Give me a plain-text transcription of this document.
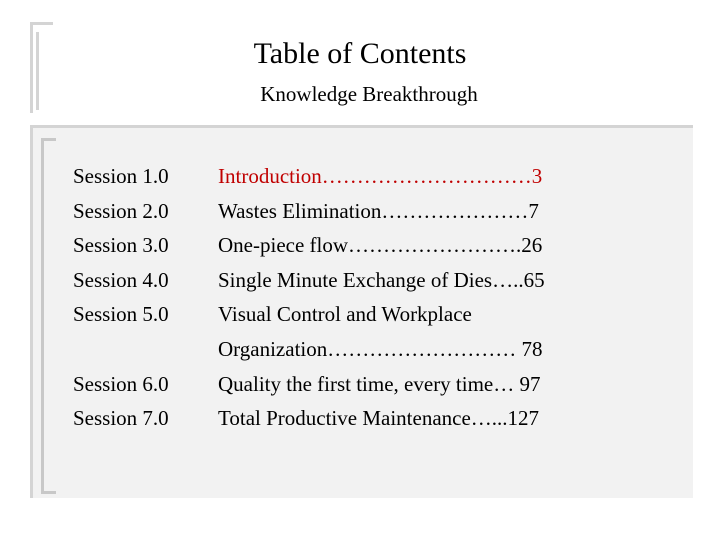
Table of Contents
Knowledge Breakthrough
Session 1.0
Session 2.0
Session 3.0
Session 4.0
Session 5.0
Session 6.0
Session 7.0
Introduction…………………………3
Wastes Elimination…………………7
One-piece flow…………………….26
Single Minute Exchange of Dies…..65
Visual Control and Workplace
Organization……………………… 78
Quality the first time, every time… 97
Total Productive Maintenance…...127
